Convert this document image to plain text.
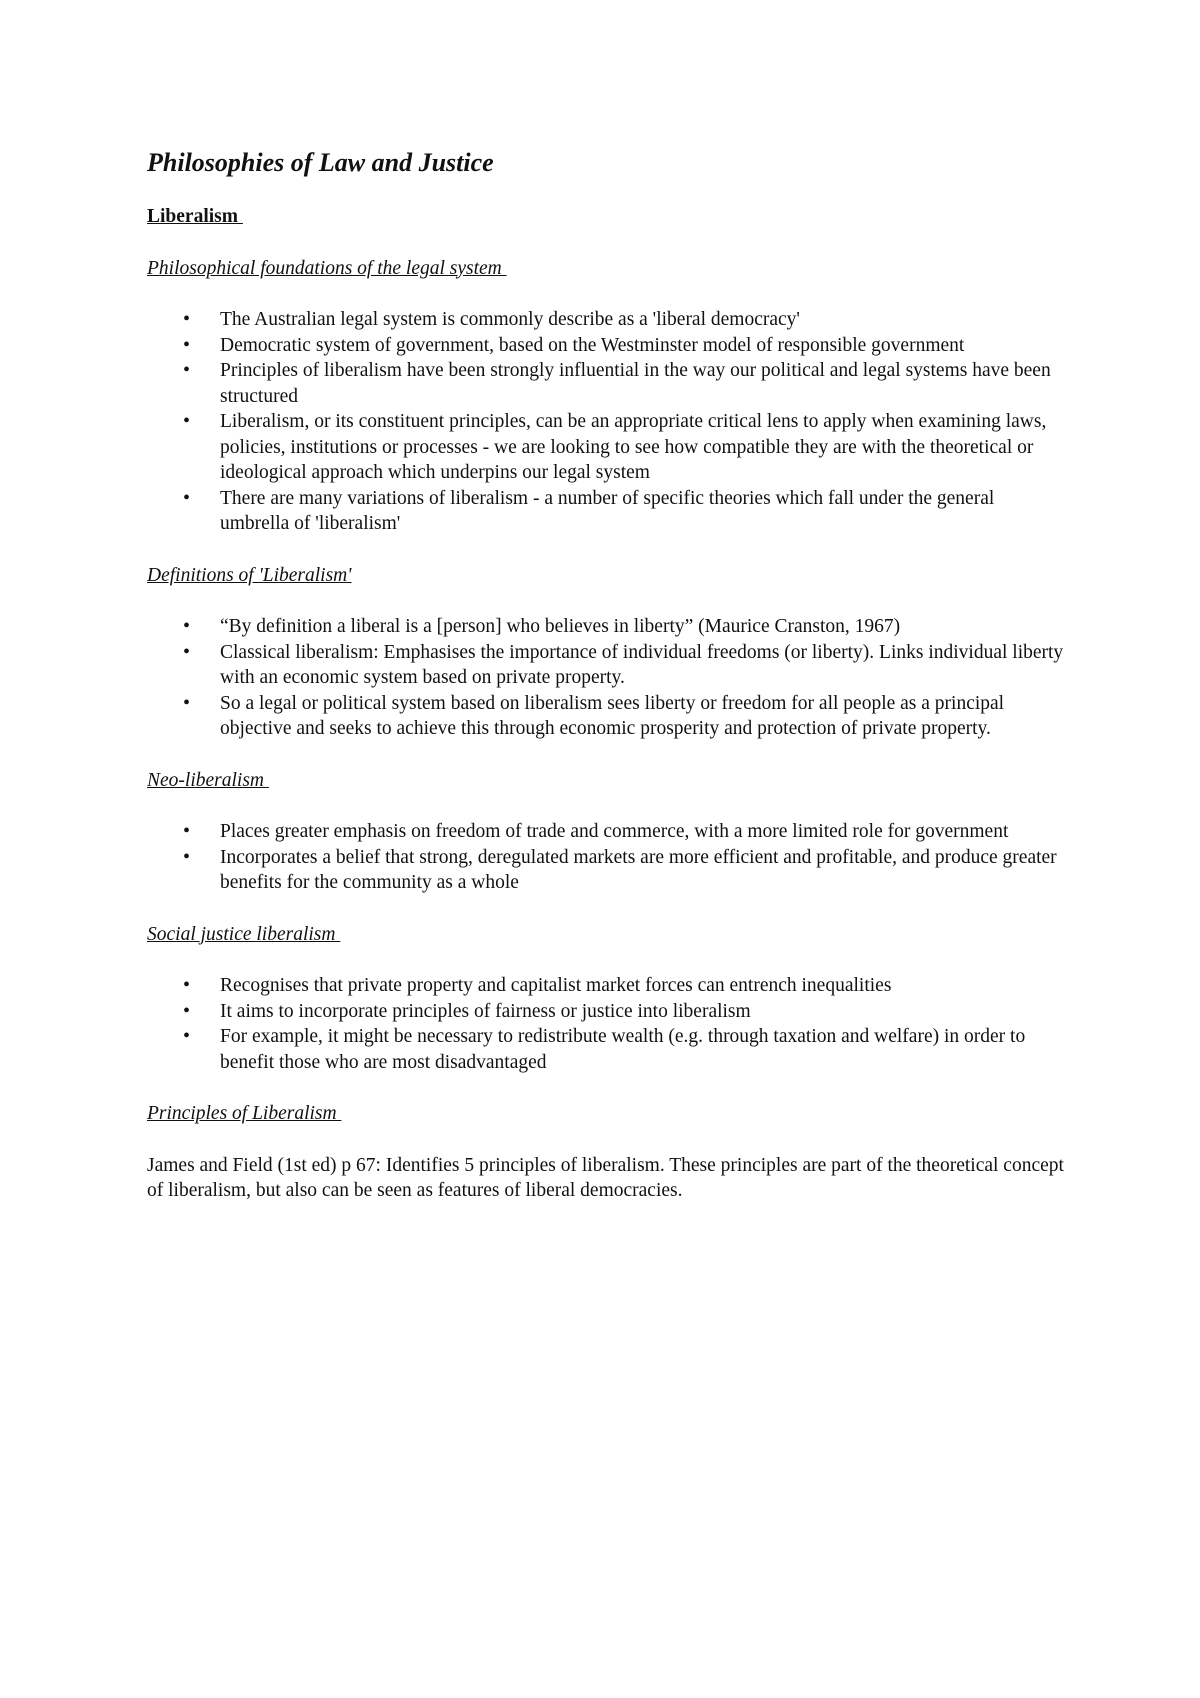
Philosophies of Law and Justice
Liberalism
Philosophical foundations of the legal system
• The Australian legal system is commonly describe as a 'liberal democracy'
• Democratic system of government, based on the Westminster model of responsible government
• Principles of liberalism have been strongly influential in the way our political and legal systems have been structured
• Liberalism, or its constituent principles, can be an appropriate critical lens to apply when examining laws, policies, institutions or processes - we are looking to see how compatible they are with the theoretical or ideological approach which underpins our legal system
• There are many variations of liberalism - a number of specific theories which fall under the general umbrella of 'liberalism'
Definitions of 'Liberalism'
• “By definition a liberal is a [person] who believes in liberty” (Maurice Cranston, 1967)
• Classical liberalism: Emphasises the importance of individual freedoms (or liberty). Links individual liberty with an economic system based on private property.
• So a legal or political system based on liberalism sees liberty or freedom for all people as a principal objective and seeks to achieve this through economic prosperity and protection of private property.
Neo-liberalism
• Places greater emphasis on freedom of trade and commerce, with a more limited role for government
• Incorporates a belief that strong, deregulated markets are more efficient and profitable, and produce greater benefits for the community as a whole
Social justice liberalism
• Recognises that private property and capitalist market forces can entrench inequalities
• It aims to incorporate principles of fairness or justice into liberalism
• For example, it might be necessary to redistribute wealth (e.g. through taxation and welfare) in order to benefit those who are most disadvantaged
Principles of Liberalism
James and Field (1st ed) p 67: Identifies 5 principles of liberalism. These principles are part of the theoretical concept of liberalism, but also can be seen as features of liberal democracies.
